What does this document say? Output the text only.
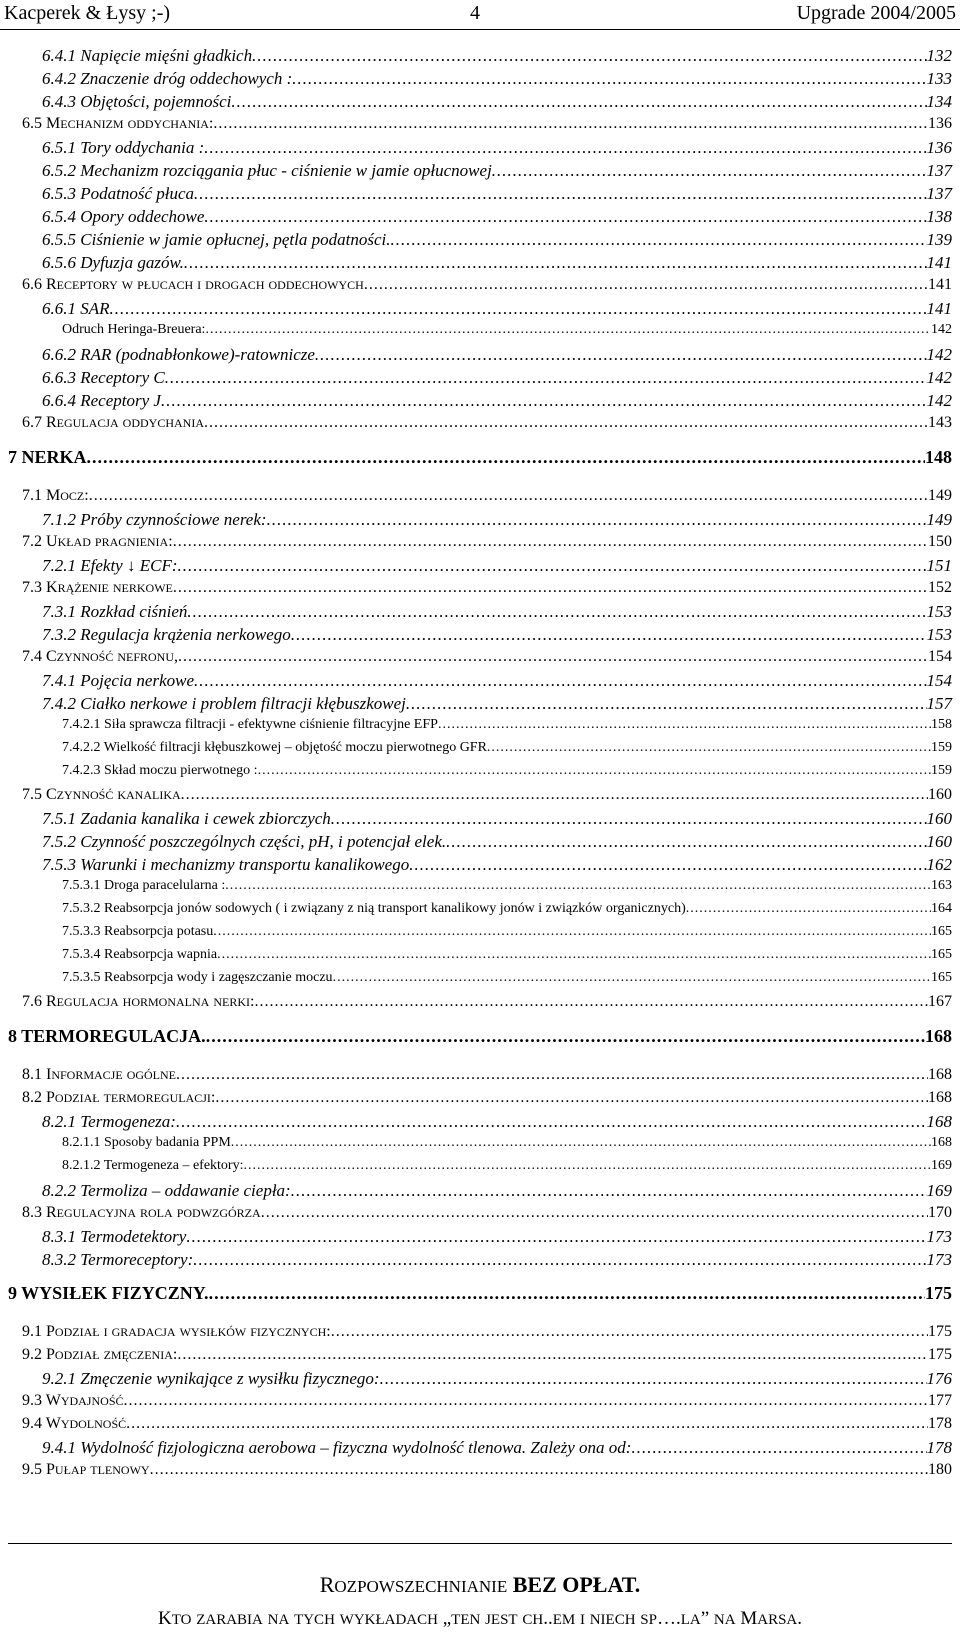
Kacperek & Łysy ;-)	4	Upgrade 2004/2005
6.4.1 Napięcie mięśni gładkich .....	132
6.4.2 Znaczenie dróg oddechowych : .....	133
6.4.3 Objętości, pojemności .....	134
6.5 MECHANIZM ODDYCHANIA: .....	136
6.5.1 Tory oddychania : .....	136
6.5.2 Mechanizm rozciągania płuc - ciśnienie w jamie opłucnowej .....	137
6.5.3 Podatność płuca .....	137
6.5.4 Opory oddechowe .....	138
6.5.5 Ciśnienie w jamie opłucnej, pętla podatności. .....	139
6.5.6 Dyfuzja gazów. .....	141
6.6 RECEPTORY W PŁUCACH I DROGACH ODDECHOWYCH .....	141
6.6.1 SAR .....	141
Odruch Heringa-Breuera: .....	142
6.6.2 RAR (podnabłonkowe)-ratownicze .....	142
6.6.3 Receptory C .....	142
6.6.4 Receptory J .....	142
6.7 REGULACJA ODDYCHANIA .....	143
7 NERKA .....	148
7.1 MOCZ: .....	149
7.1.2 Próby czynnościowe nerek: .....	149
7.2 UKŁAD PRAGNIENIA: .....	150
7.2.1 Efekty ↓ ECF: .....	151
7.3 KRĄŻENIE NERKOWE .....	152
7.3.1 Rozkład ciśnień .....	153
7.3.2 Regulacja krążenia nerkowego .....	153
7.4 CZYNNOŚĆ NEFRONU, .....	154
7.4.1 Pojęcia nerkowe .....	154
7.4.2 Ciałko nerkowe i problem filtracji kłębuszkowej .....	157
7.4.2.1 Siła sprawcza filtracji - efektywne ciśnienie filtracyjne EFP .....	158
7.4.2.2 Wielkość filtracji kłębuszkowej – objętość moczu pierwotnego GFR .....	159
7.4.2.3 Skład moczu pierwotnego : .....	159
7.5 CZYNNOŚĆ KANALIKA .....	160
7.5.1 Zadania kanalika i cewek zbiorczych .....	160
7.5.2 Czynność poszczególnych części, pH, i potencjał elek. .....	160
7.5.3 Warunki i mechanizmy transportu kanalikowego .....	162
7.5.3.1 Droga paracelularna : .....	163
7.5.3.2 Reabsorpcja jonów sodowych ( i związany z nią transport kanalikowy jonów i związków organicznych) .....	164
7.5.3.3 Reabsorpcja potasu .....	165
7.5.3.4 Reabsorpcja wapnia .....	165
7.5.3.5 Reabsorpcja wody i zagęszczanie moczu .....	165
7.6 REGULACJA HORMONALNA NERKI: .....	167
8 TERMOREGULACJA. .....	168
8.1 INFORMACJE OGÓLNE .....	168
8.2 PODZIAŁ TERMOREGULACJI: .....	168
8.2.1 Termogeneza: .....	168
8.2.1.1 Sposoby badania PPM .....	168
8.2.1.2 Termogeneza – efektory: .....	169
8.2.2 Termoliza – oddawanie ciepła: .....	169
8.3 REGULACYJNA ROLA PODWZGÓRZA .....	170
8.3.1 Termodetektory .....	173
8.3.2 Termoreceptory: .....	173
9 WYSIŁEK FIZYCZNY. .....	175
9.1 PODZIAŁ I GRADACJA WYSIŁKÓW FIZYCZNYCH: .....	175
9.2 PODZIAŁ ZMĘCZENIA: .....	175
9.2.1 Zmęczenie wynikające z wysiłku fizycznego: .....	176
9.3 WYDAJNOŚĆ .....	177
9.4 WYDOLNOŚĆ .....	178
9.4.1 Wydolność fizjologiczna aerobowa – fizyczna wydolność tlenowa. Zależy ona od: .....	178
9.5 PUŁAP TLENOWY .....	180
ROZPOWSZECHNIANIE BEZ OPŁAT.
KTO ZARABIA NA TYCH WYKŁADACH „TEN JEST CH..EM I NIECH SP….LA” NA MARSA.
